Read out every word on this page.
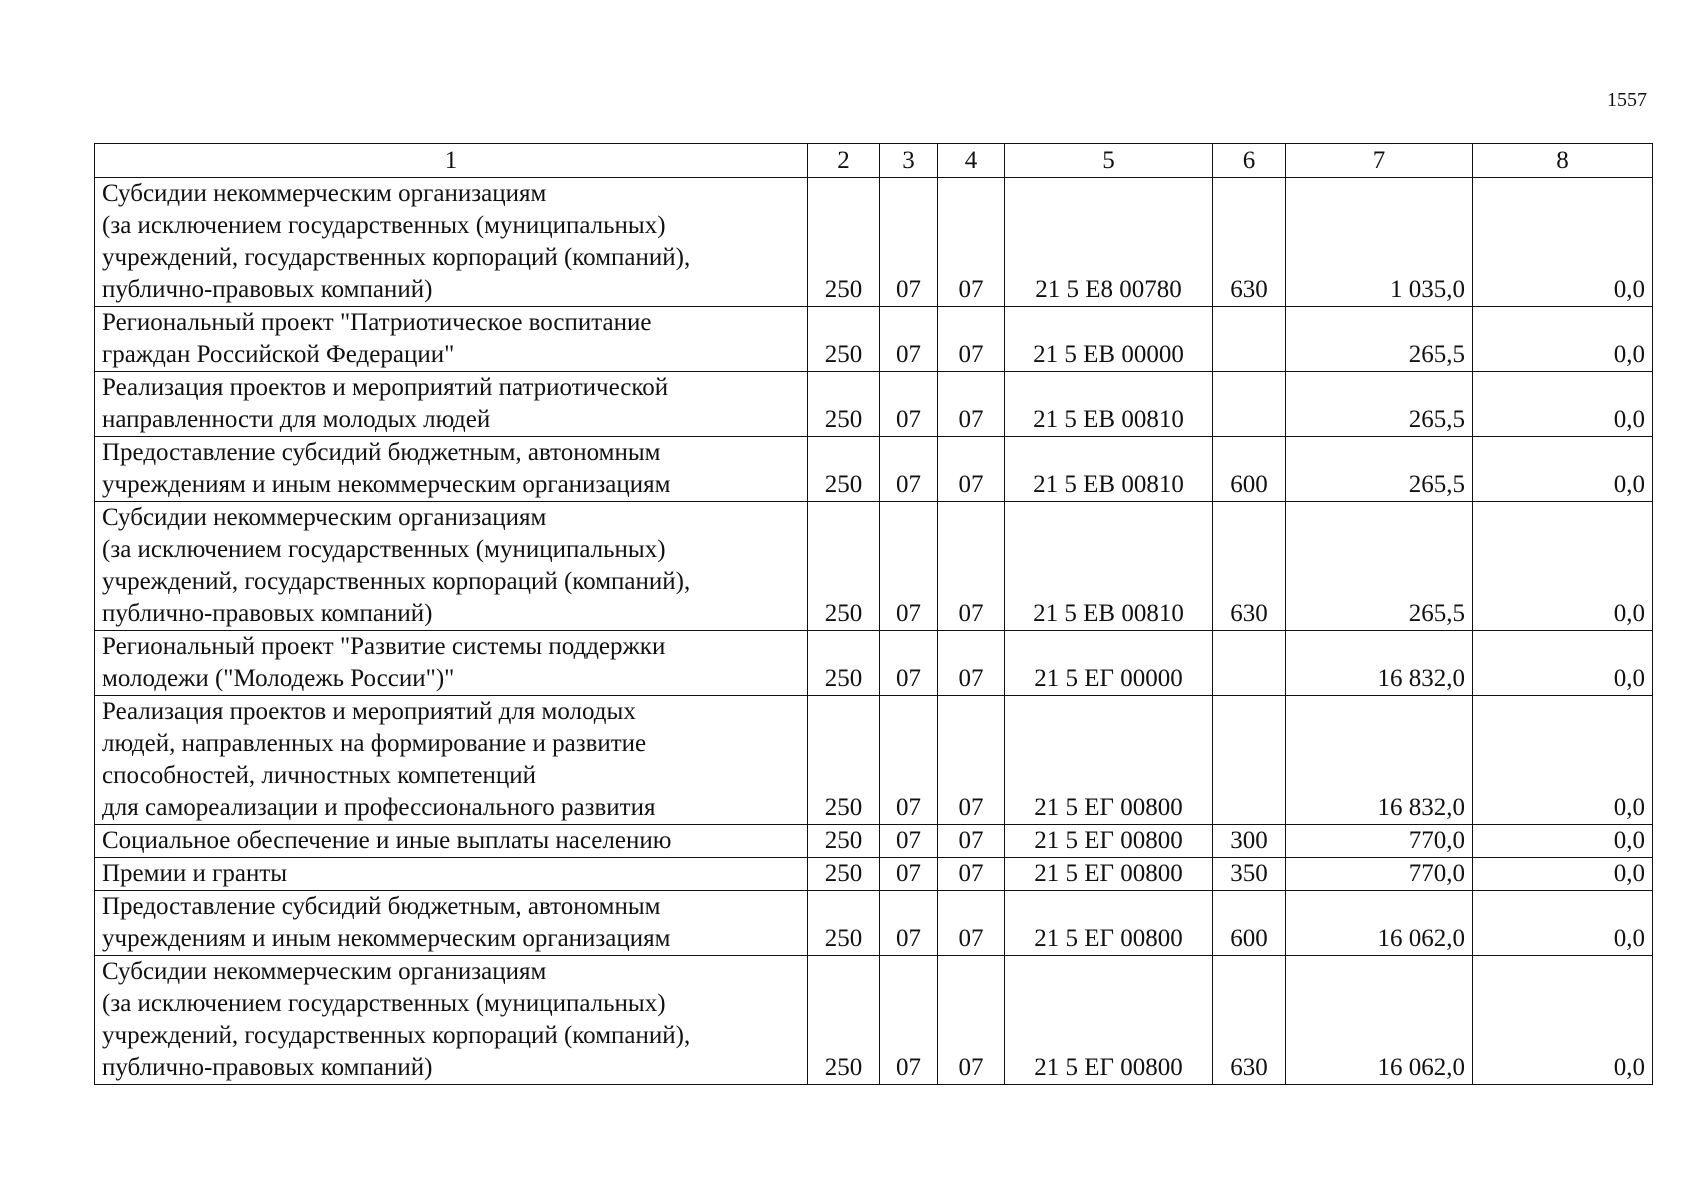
1557
1	2	3	4	5	6	7	8

Субсидии некоммерческим организациям
(за исключением государственных (муниципальных)
учреждений, государственных корпораций (компаний),
публично-правовых компаний)	250	07	07	21 5 E8 00780	630	1 035,0	0,0

Региональный проект "Патриотическое воспитание
граждан Российской Федерации"	250	07	07	21 5 EВ 00000		265,5	0,0

Реализация проектов и мероприятий патриотической
направленности для молодых людей	250	07	07	21 5 EВ 00810		265,5	0,0

Предоставление субсидий бюджетным, автономным
учреждениям и иным некоммерческим организациям	250	07	07	21 5 EВ 00810	600	265,5	0,0

Субсидии некоммерческим организациям
(за исключением государственных (муниципальных)
учреждений, государственных корпораций (компаний),
публично-правовых компаний)	250	07	07	21 5 EВ 00810	630	265,5	0,0

Региональный проект "Развитие системы поддержки
молодежи ("Молодежь России")"	250	07	07	21 5 EГ 00000		16 832,0	0,0

Реализация проектов и мероприятий для молодых
людей, направленных на формирование и развитие
способностей, личностных компетенций
для самореализации и профессионального развития	250	07	07	21 5 EГ 00800		16 832,0	0,0

Социальное обеспечение и иные выплаты населению	250	07	07	21 5 EГ 00800	300	770,0	0,0

Премии и гранты	250	07	07	21 5 EГ 00800	350	770,0	0,0

Предоставление субсидий бюджетным, автономным
учреждениям и иным некоммерческим организациям	250	07	07	21 5 EГ 00800	600	16 062,0	0,0

Субсидии некоммерческим организациям
(за исключением государственных (муниципальных)
учреждений, государственных корпораций (компаний),
публично-правовых компаний)	250	07	07	21 5 EГ 00800	630	16 062,0	0,0
